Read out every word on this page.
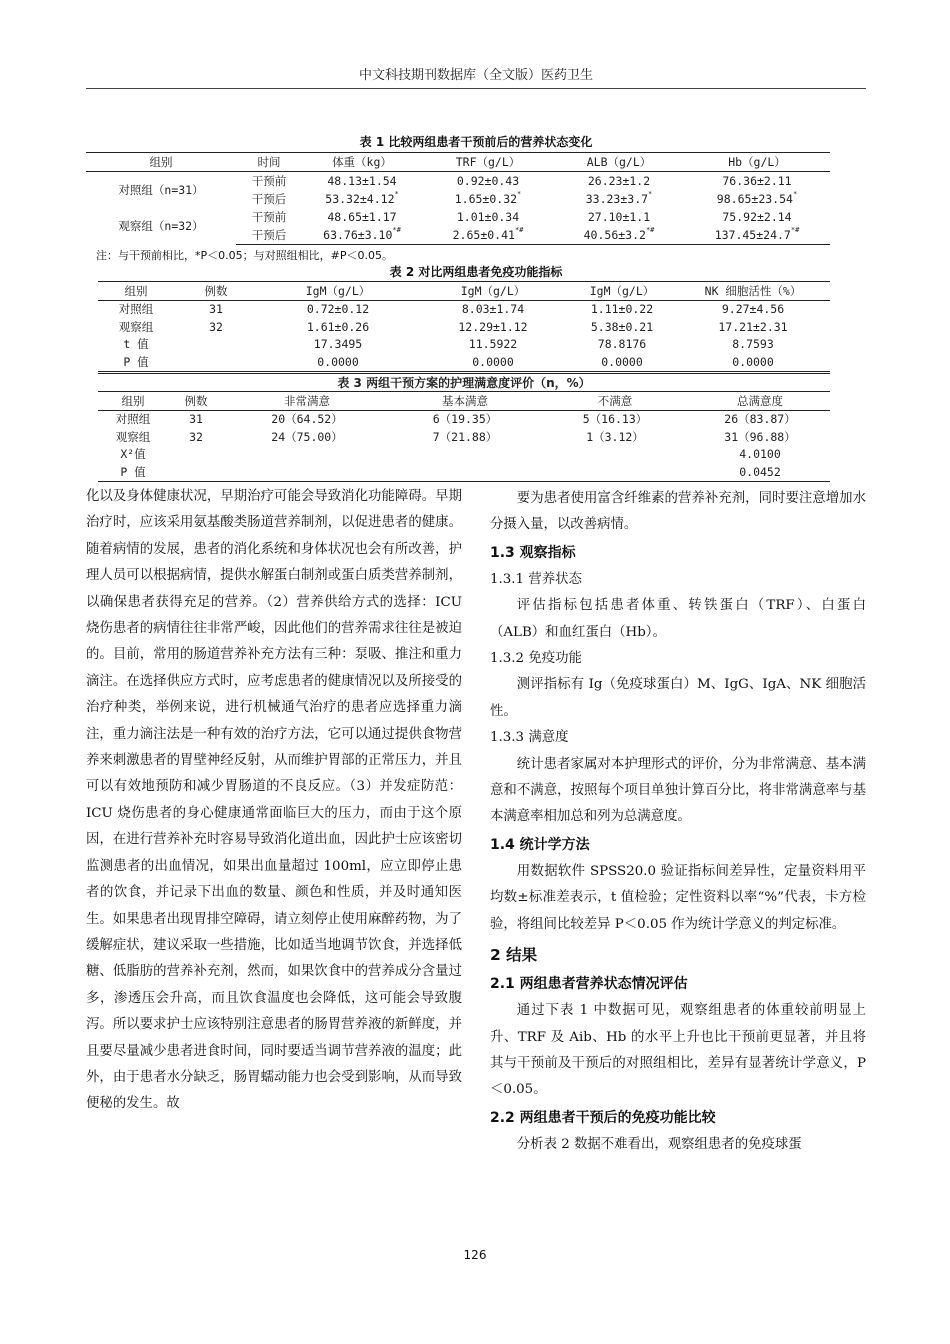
中文科技期刊数据库（全文版）医药卫生
表 1 比较两组患者干预前后的营养状态变化
组别	时间	体重（kg）	TRF（g/L）	ALB（g/L）	Hb（g/L）
对照组（n=31）	干预前	48.13±1.54	0.92±0.43	26.23±1.2	76.36±2.11
	干预后	53.32±4.12*	1.65±0.32*	33.23±3.7*	98.65±23.54*
观察组（n=32）	干预前	48.65±1.17	1.01±0.34	27.10±1.1	75.92±2.14
	干预后	63.76±3.10*#	2.65±0.41*#	40.56±3.2*#	137.45±24.7*#
注：与干预前相比，*P＜0.05；与对照组相比，#P＜0.05。
表 2 对比两组患者免疫功能指标
组别	例数	IgM（g/L）	IgM（g/L）	IgM（g/L）	NK 细胞活性（%）
对照组	31	0.72±0.12	8.03±1.74	1.11±0.22	9.27±4.56
观察组	32	1.61±0.26	12.29±1.12	5.38±0.21	17.21±2.31
t 值		17.3495	11.5922	78.8176	8.7593
P 值		0.0000	0.0000	0.0000	0.0000
表 3 两组干预方案的护理满意度评价（n，%）					
组别	例数	非常满意	基本满意	不满意	总满意度
对照组	31	20（64.52）	6（19.35）	5（16.13）	26（83.87）
观察组	32	24（75.00）	7（21.88）	1（3.12）	31（96.88）
X²值					4.0100
P 值					0.0452

化以及身体健康状况，早期治疗可能会导致消化功能障碍。早期治疗时，应该采用氨基酸类肠道营养制剂，以促进患者的健康。随着病情的发展，患者的消化系统和身体状况也会有所改善，护理人员可以根据病情，提供水解蛋白制剂或蛋白质类营养制剂，以确保患者获得充足的营养。（2）营养供给方式的选择：ICU 烧伤患者的病情往往非常严峻，因此他们的营养需求往往是被迫的。目前，常用的肠道营养补充方法有三种：泵吸、推注和重力滴注。在选择供应方式时，应考虑患者的健康情况以及所接受的治疗种类，举例来说，进行机械通气治疗的患者应选择重力滴注，重力滴注法是一种有效的治疗方法，它可以通过提供食物营养来刺激患者的胃壁神经反射，从而维护胃部的正常压力，并且可以有效地预防和减少胃肠道的不良反应。（3）并发症防范：ICU 烧伤患者的身心健康通常面临巨大的压力，而由于这个原因，在进行营养补充时容易导致消化道出血，因此护士应该密切监测患者的出血情况，如果出血量超过 100ml，应立即停止患者的饮食，并记录下出血的数量、颜色和性质，并及时通知医生。如果患者出现胃排空障碍，请立刻停止使用麻醉药物，为了缓解症状，建议采取一些措施，比如适当地调节饮食，并选择低糖、低脂肪的营养补充剂，然而，如果饮食中的营养成分含量过多，渗透压会升高，而且饮食温度也会降低，这可能会导致腹泻。所以要求护士应该特别注意患者的肠胃营养液的新鲜度，并且要尽量减少患者进食时间，同时要适当调节营养液的温度；此外，由于患者水分缺乏，肠胃蠕动能力也会受到影响，从而导致便秘的发生。故

要为患者使用富含纤维素的营养补充剂，同时要注意增加水分摄入量，以改善病情。

1.3 观察指标

1.3.1 营养状态

评估指标包括患者体重、转铁蛋白（TRF）、白蛋白（ALB）和血红蛋白（Hb）。

1.3.2 免疫功能

测评指标有 Ig（免疫球蛋白）M、IgG、IgA、NK 细胞活性。

1.3.3 满意度

统计患者家属对本护理形式的评价，分为非常满意、基本满意和不满意，按照每个项目单独计算百分比，将非常满意率与基本满意率相加总和列为总满意度。

1.4 统计学方法

用数据软件 SPSS20.0 验证指标间差异性，定量资料用平均数±标准差表示，t 值检验；定性资料以率“%”代表，卡方检验，将组间比较差异 P＜0.05 作为统计学意义的判定标准。

2 结果

2.1 两组患者营养状态情况评估

通过下表 1 中数据可见，观察组患者的体重较前明显上升、TRF 及 Aib、Hb 的水平上升也比干预前更显著，并且将其与干预前及干预后的对照组相比，差异有显著统计学意义，P＜0.05。

2.2 两组患者干预后的免疫功能比较

分析表 2 数据不难看出，观察组患者的免疫球蛋

126
